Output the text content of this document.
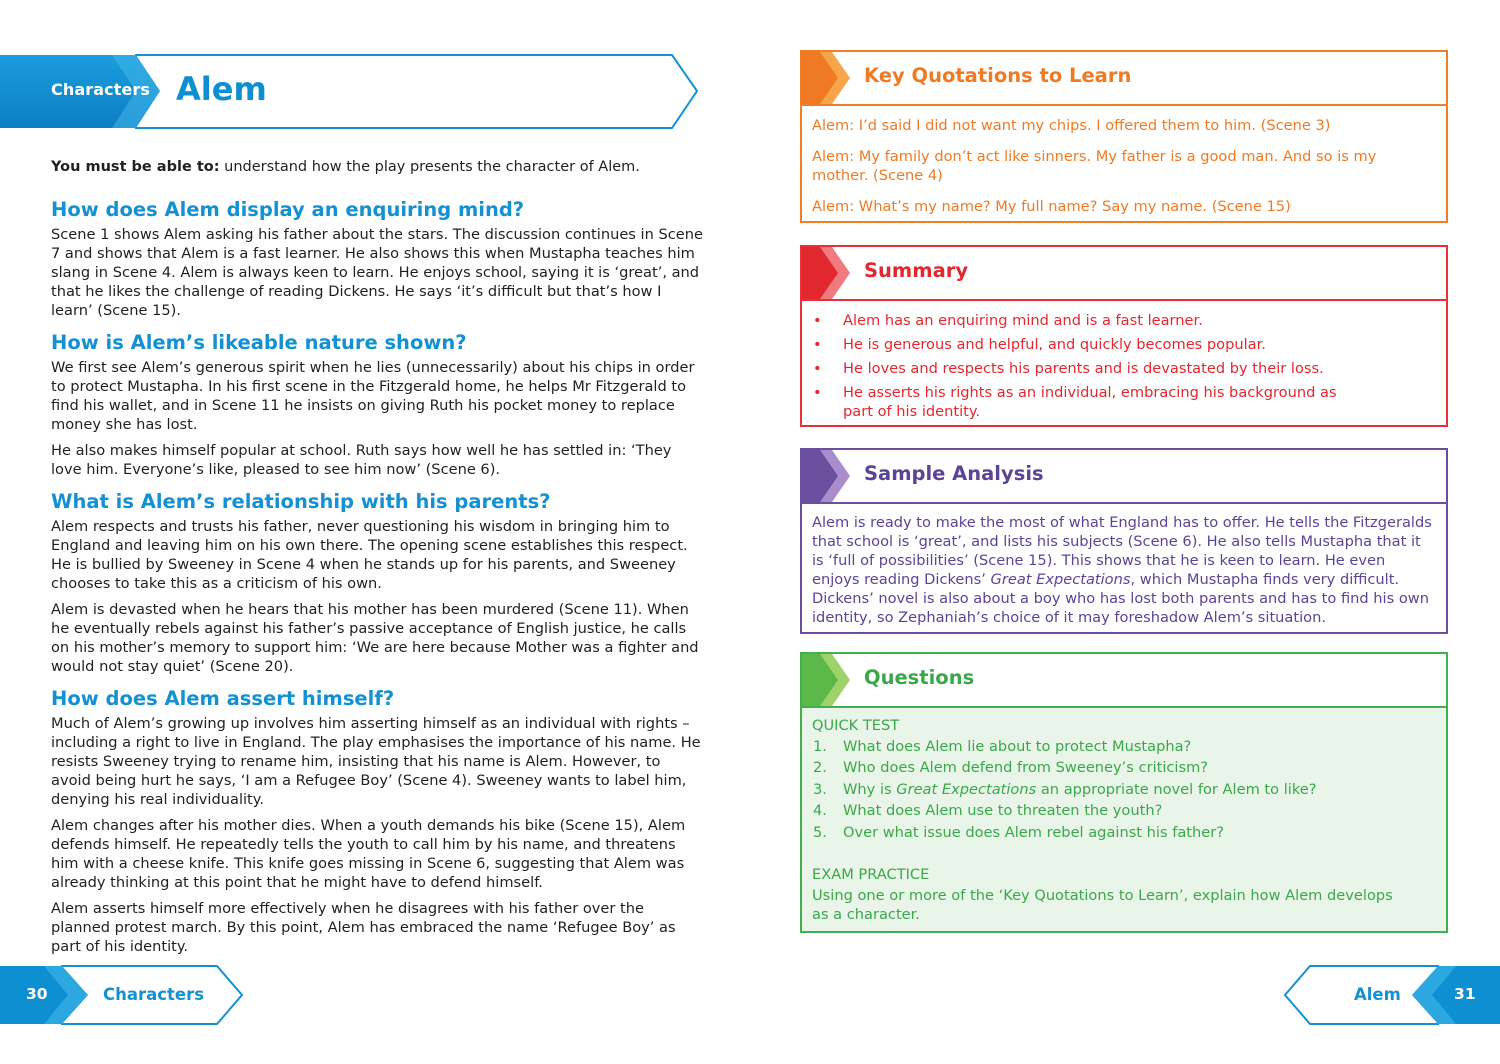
Characters Alem

You must be able to: understand how the play presents the character of Alem.

How does Alem display an enquiring mind?

Scene 1 shows Alem asking his father about the stars. The discussion continues in Scene 7 and shows that Alem is a fast learner. He also shows this when Mustapha teaches him slang in Scene 4. Alem is always keen to learn. He enjoys school, saying it is ‘great’, and that he likes the challenge of reading Dickens. He says ‘it’s difficult but that’s how I learn’ (Scene 15).

How is Alem’s likeable nature shown?

We first see Alem’s generous spirit when he lies (unnecessarily) about his chips in order to protect Mustapha. In his first scene in the Fitzgerald home, he helps Mr Fitzgerald to find his wallet, and in Scene 11 he insists on giving Ruth his pocket money to replace money she has lost.

He also makes himself popular at school. Ruth says how well he has settled in: ‘They love him. Everyone’s like, pleased to see him now’ (Scene 6).

What is Alem’s relationship with his parents?

Alem respects and trusts his father, never questioning his wisdom in bringing him to England and leaving him on his own there. The opening scene establishes this respect. He is bullied by Sweeney in Scene 4 when he stands up for his parents, and Sweeney chooses to take this as a criticism of his own.

Alem is devasted when he hears that his mother has been murdered (Scene 11). When he eventually rebels against his father’s passive acceptance of English justice, he calls on his mother’s memory to support him: ‘We are here because Mother was a fighter and would not stay quiet’ (Scene 20).

How does Alem assert himself?

Much of Alem’s growing up involves him asserting himself as an individual with rights – including a right to live in England. The play emphasises the importance of his name. He resists Sweeney trying to rename him, insisting that his name is Alem. However, to avoid being hurt he says, ‘I am a Refugee Boy’ (Scene 4). Sweeney wants to label him, denying his real individuality.

Alem changes after his mother dies. When a youth demands his bike (Scene 15), Alem defends himself. He repeatedly tells the youth to call him by his name, and threatens him with a cheese knife. This knife goes missing in Scene 6, suggesting that Alem was already thinking at this point that he might have to defend himself.

Alem asserts himself more effectively when he disagrees with his father over the planned protest march. By this point, Alem has embraced the name ‘Refugee Boy’ as part of his identity.

Key Quotations to Learn

Alem: I’d said I did not want my chips. I offered them to him. (Scene 3)

Alem: My family don’t act like sinners. My father is a good man. And so is my mother. (Scene 4)

Alem: What’s my name? My full name? Say my name. (Scene 15)

Summary
• Alem has an enquiring mind and is a fast learner.
• He is generous and helpful, and quickly becomes popular.
• He loves and respects his parents and is devastated by their loss.
• He asserts his rights as an individual, embracing his background as part of his identity.
Sample Analysis
Alem is ready to make the most of what England has to offer. He tells the Fitzgeralds that school is ‘great’, and lists his subjects (Scene 6). He also tells Mustapha that it is ‘full of possibilities’ (Scene 15). This shows that he is keen to learn. He even enjoys reading Dickens’ Great Expectations, which Mustapha finds very difficult. Dickens’ novel is also about a boy who has lost both parents and has to find his own identity, so Zephaniah’s choice of it may foreshadow Alem’s situation.
Questions
QUICK TEST
1. What does Alem lie about to protect Mustapha?
2. Who does Alem defend from Sweeney’s criticism?
3. Why is Great Expectations an appropriate novel for Alem to like?
4. What does Alem use to threaten the youth?
5. Over what issue does Alem rebel against his father?
EXAM PRACTICE

Using one or more of the ‘Key Quotations to Learn’, explain how Alem develops as a character.

30	Characters	Alem	31
